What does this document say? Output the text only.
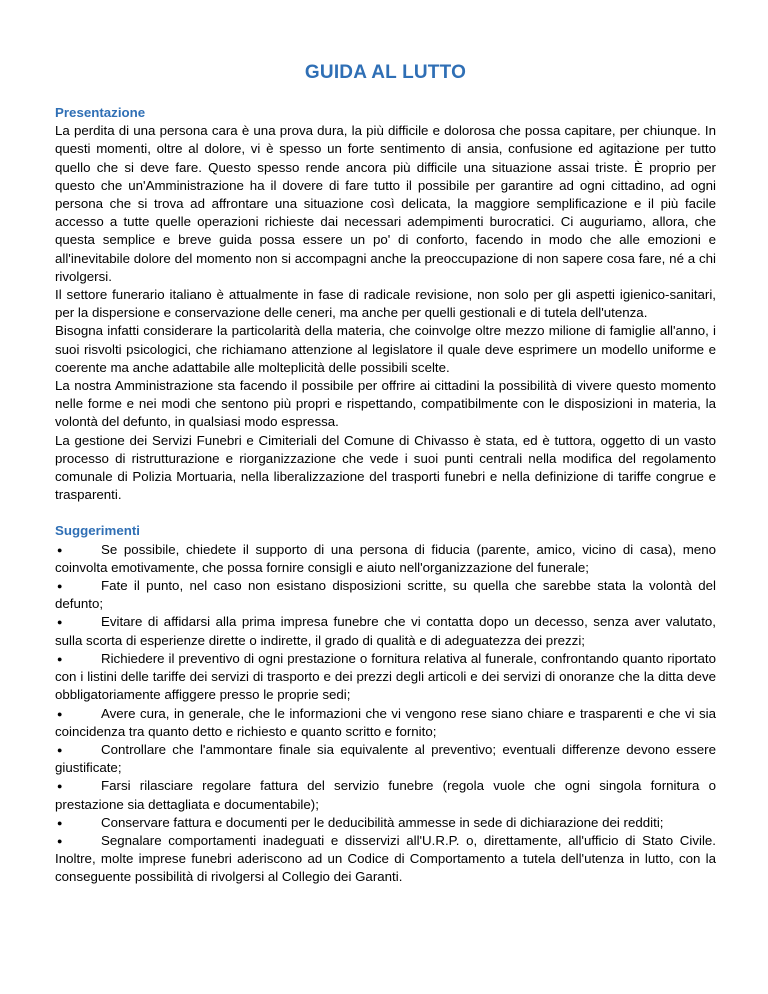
GUIDA AL LUTTO
Presentazione

La perdita di una persona cara è una prova dura, la più difficile e dolorosa che possa capitare, per chiunque. In questi momenti, oltre al dolore, vi è spesso un forte sentimento di ansia, confusione ed agitazione per tutto quello che si deve fare. Questo spesso rende ancora più difficile una situazione assai triste. È proprio per questo che un'Amministrazione ha il dovere di fare tutto il possibile per garantire ad ogni cittadino, ad ogni persona che si trova ad affrontare una situazione così delicata, la maggiore semplificazione e il più facile accesso a tutte quelle operazioni richieste dai necessari adempimenti burocratici. Ci auguriamo, allora, che questa semplice e breve guida possa essere un po' di conforto, facendo in modo che alle emozioni e all'inevitabile dolore del momento non si accompagni anche la preoccupazione di non sapere cosa fare, né a chi rivolgersi.

Il settore funerario italiano è attualmente in fase di radicale revisione, non solo per gli aspetti igienico-sanitari, per la dispersione e conservazione delle ceneri, ma anche per quelli gestionali e di tutela dell'utenza.

Bisogna infatti considerare la particolarità della materia, che coinvolge oltre mezzo milione di famiglie all'anno, i suoi risvolti psicologici, che richiamano attenzione al legislatore il quale deve esprimere un modello uniforme e coerente ma anche adattabile alle molteplicità delle possibili scelte.

La nostra Amministrazione sta facendo il possibile per offrire ai cittadini la possibilità di vivere questo momento nelle forme e nei modi che sentono più propri e rispettando, compatibilmente con le disposizioni in materia, la volontà del defunto, in qualsiasi modo espressa.

La gestione dei Servizi Funebri e Cimiteriali del Comune di Chivasso è stata, ed è tuttora, oggetto di un vasto processo di ristrutturazione e riorganizzazione che vede i suoi punti centrali nella modifica del regolamento comunale di Polizia Mortuaria, nella liberalizzazione del trasporti funebri e nella definizione di tariffe congrue e trasparenti.

Suggerimenti
●	Se possibile, chiedete il supporto di una persona di fiducia (parente, amico, vicino di casa), meno coinvolta emotivamente, che possa fornire consigli e aiuto nell'organizzazione del funerale;
●	Fate il punto, nel caso non esistano disposizioni scritte, su quella che sarebbe stata la volontà del defunto;
●	Evitare di affidarsi alla prima impresa funebre che vi contatta dopo un decesso, senza aver valutato, sulla scorta di esperienze dirette o indirette, il grado di qualità e di adeguatezza dei prezzi;
●	Richiedere il preventivo di ogni prestazione o fornitura relativa al funerale, confrontando quanto riportato con i listini delle tariffe dei servizi di trasporto e dei prezzi degli articoli e dei servizi di onoranze che la ditta deve obbligatoriamente affiggere presso le proprie sedi;
●	Avere cura, in generale, che le informazioni che vi vengono rese siano chiare e trasparenti e che vi sia coincidenza tra quanto detto e richiesto e quanto scritto e fornito;
●	Controllare che l'ammontare finale sia equivalente al preventivo; eventuali differenze devono essere giustificate;
●	Farsi rilasciare regolare fattura del servizio funebre (regola vuole che ogni singola fornitura o prestazione sia dettagliata e documentabile);
●	Conservare fattura e documenti per le deducibilità ammesse in sede di dichiarazione dei redditi;
●	Segnalare comportamenti inadeguati e disservizi all'U.R.P. o, direttamente, all'ufficio di Stato Civile. Inoltre, molte imprese funebri aderiscono ad un Codice di Comportamento a tutela dell'utenza in lutto, con la conseguente possibilità di rivolgersi al Collegio dei Garanti.
